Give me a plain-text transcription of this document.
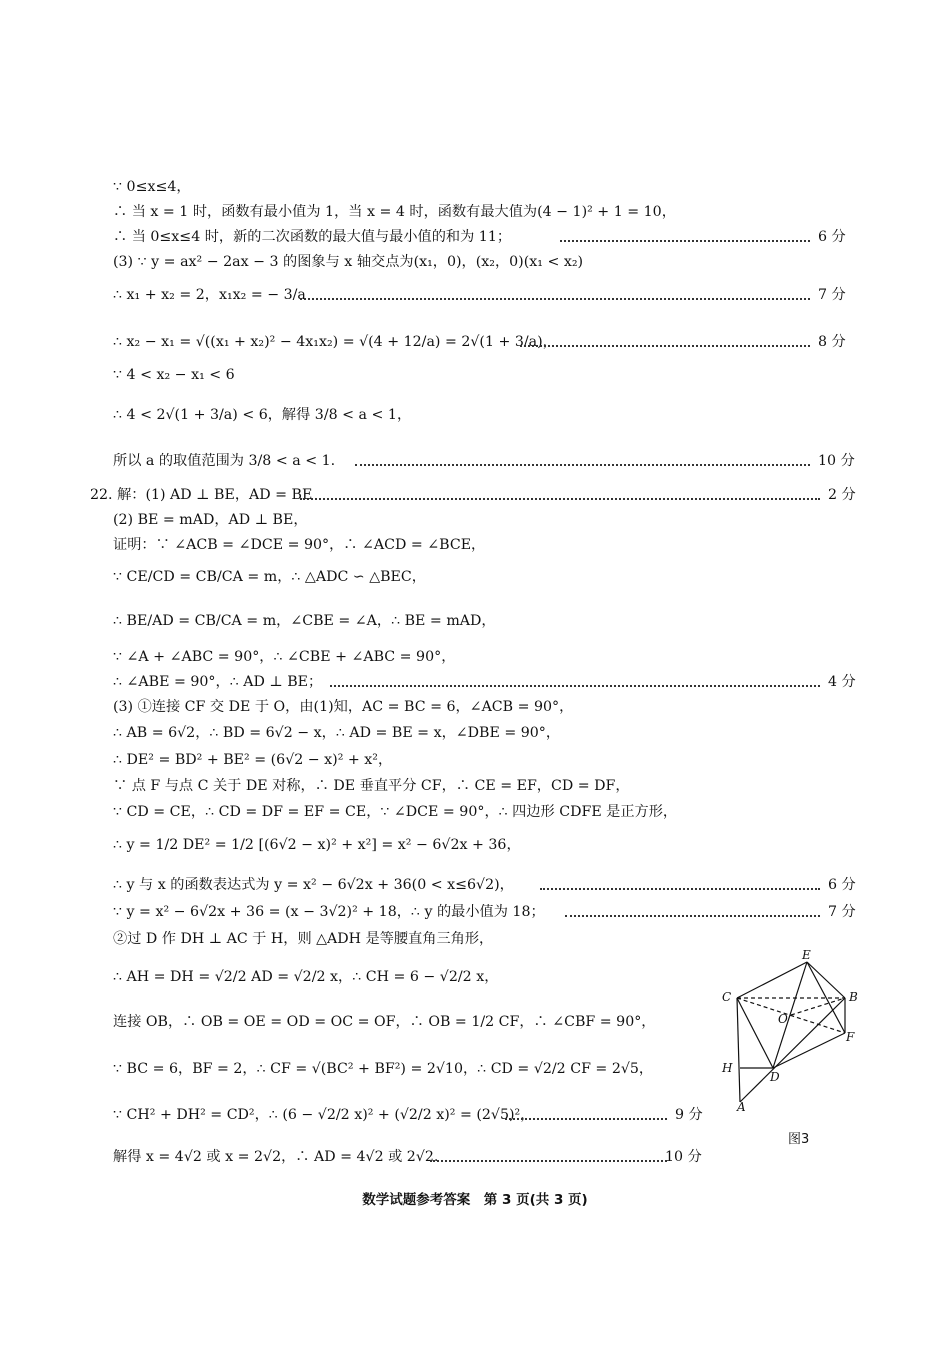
∵ 0≤x≤4，
∴ 当 x = 1 时，函数有最小值为 1，当 x = 4 时，函数有最大值为(4 − 1)² + 1 = 10，
∴ 当 0≤x≤4 时，新的二次函数的最大值与最小值的和为 11；	6 分
(3) ∵ y = ax² − 2ax − 3 的图象与 x 轴交点为(x₁，0)，(x₂，0)(x₁ < x₂)
∴ x₁ + x₂ = 2，x₁x₂ = − 3/a	7 分
∴ x₂ − x₁ = √((x₁ + x₂)² − 4x₁x₂) = √(4 + 12/a) = 2√(1 + 3/a)，	8 分
∵ 4 < x₂ − x₁ < 6
∴ 4 < 2√(1 + 3/a) < 6，解得 3/8 < a < 1，
所以 a 的取值范围为 3/8 < a < 1.	10 分
22. 解：(1) AD ⊥ BE，AD = BE	2 分
(2) BE = mAD，AD ⊥ BE，
证明：∵ ∠ACB = ∠DCE = 90°，∴ ∠ACD = ∠BCE，
∵ CE/CD = CB/CA = m，∴ △ADC ∽ △BEC，
∴ BE/AD = CB/CA = m，∠CBE = ∠A，∴ BE = mAD，
∵ ∠A + ∠ABC = 90°，∴ ∠CBE + ∠ABC = 90°，
∴ ∠ABE = 90°，∴ AD ⊥ BE；	4 分
(3) ①连接 CF 交 DE 于 O，由(1)知，AC = BC = 6，∠ACB = 90°，
∴ AB = 6√2，∴ BD = 6√2 − x，∴ AD = BE = x，∠DBE = 90°，
∴ DE² = BD² + BE² = (6√2 − x)² + x²，
∵ 点 F 与点 C 关于 DE 对称，∴ DE 垂直平分 CF，∴ CE = EF，CD = DF，
∵ CD = CE，∴ CD = DF = EF = CE，∵ ∠DCE = 90°，∴ 四边形 CDFE 是正方形，
∴ y = 1/2 DE² = 1/2 [(6√2 − x)² + x²] = x² − 6√2x + 36，
∴ y 与 x 的函数表达式为 y = x² − 6√2x + 36(0 < x≤6√2)，	6 分
∵ y = x² − 6√2x + 36 = (x − 3√2)² + 18，∴ y 的最小值为 18；	7 分
②过 D 作 DH ⊥ AC 于 H，则 △ADH 是等腰直角三角形，
∴ AH = DH = √2/2 AD = √2/2 x，∴ CH = 6 − √2/2 x，
连接 OB，∴ OB = OE = OD = OC = OF，∴ OB = 1/2 CF，∴ ∠CBF = 90°，
∵ BC = 6，BF = 2，∴ CF = √(BC² + BF²) = 2√10，∴ CD = √2/2 CF = 2√5，
∵ CH² + DH² = CD²，∴ (6 − √2/2 x)² + (√2/2 x)² = (2√5)²，	9 分
解得 x = 4√2 或 x = 2√2，∴ AD = 4√2 或 2√2.	10 分
E
C	B
O
F
H
D
A
图3
数学试题参考答案　第 3 页(共 3 页)
